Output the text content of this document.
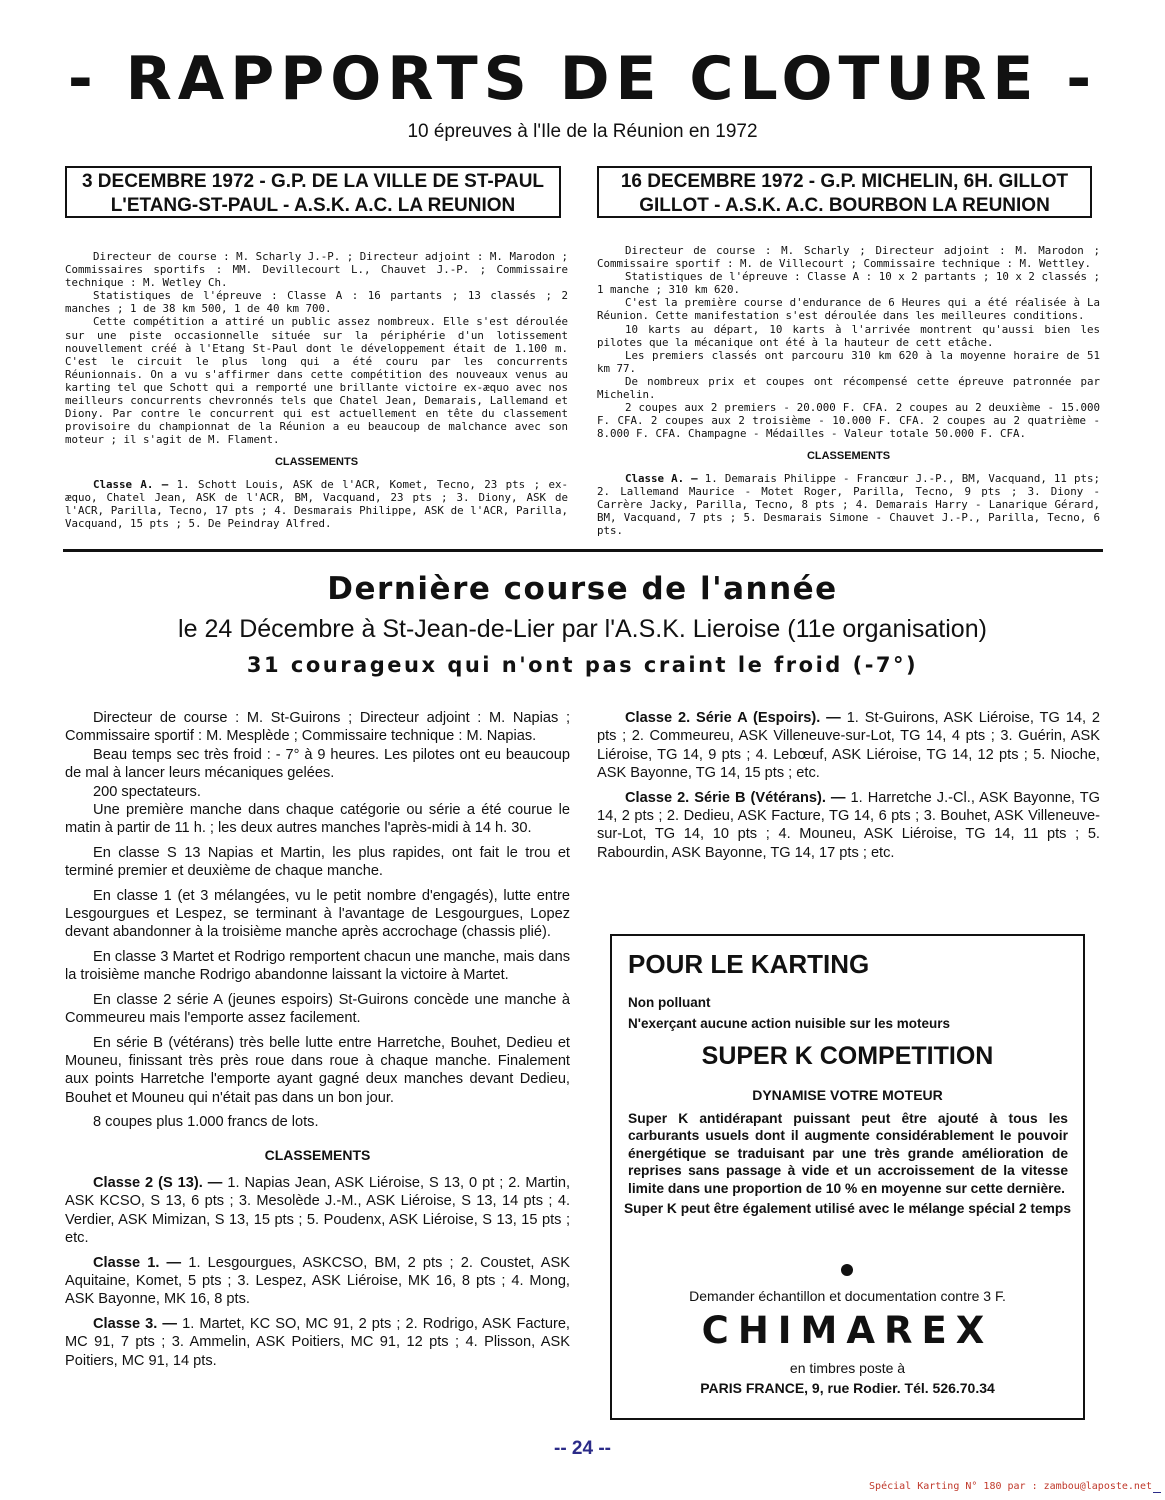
- RAPPORTS DE CLOTURE -
10 épreuves à l'Ile de la Réunion en 1972
3 DECEMBRE 1972 - G.P. DE LA VILLE DE ST-PAUL
L'ETANG-ST-PAUL - A.S.K. A.C. LA REUNION

Directeur de course : M. Scharly J.-P. ; Directeur adjoint : M. Marodon ; Commissaires sportifs : MM. Devillecourt L., Chauvet J.-P. ; Commissaire technique : M. Wetley Ch.

Statistiques de l'épreuve : Classe A : 16 partants ; 13 classés ; 2 manches ; 1 de 38 km 500, 1 de 40 km 700.

Cette compétition a attiré un public assez nombreux. Elle s'est déroulée sur une piste occasionnelle située sur la périphérie d'un lotissement nouvellement créé à l'Etang St-Paul dont le développement était de 1.100 m. C'est le circuit le plus long qui a été couru par les concurrents Réunionnais. On a vu s'affirmer dans cette compétition des nouveaux venus au karting tel que Schott qui a remporté une brillante victoire ex-æquo avec nos meilleurs concurrents chevronnés tels que Chatel Jean, Demarais, Lallemand et Diony. Par contre le concurrent qui est actuellement en tête du classement provisoire du championnat de la Réunion a eu beaucoup de malchance avec son moteur ; il s'agit de M. Flament.

CLASSEMENTS

Classe A. — 1. Schott Louis, ASK de l'ACR, Komet, Tecno, 23 pts ; ex-æquo, Chatel Jean, ASK de l'ACR, BM, Vacquand, 23 pts ; 3. Diony, ASK de l'ACR, Parilla, Tecno, 17 pts ; 4. Desmarais Philippe, ASK de l'ACR, Parilla, Vacquand, 15 pts ; 5. De Peindray Alfred.

16 DECEMBRE 1972 - G.P. MICHELIN, 6H. GILLOT
GILLOT - A.S.K. A.C. BOURBON LA REUNION

Directeur de course : M. Scharly ; Directeur adjoint : M. Marodon ; Commissaire sportif : M. de Villecourt ; Commissaire technique : M. Wettley.

Statistiques de l'épreuve : Classe A : 10 x 2 partants ; 10 x 2 classés ; 1 manche ; 310 km 620.

C'est la première course d'endurance de 6 Heures qui a été réalisée à La Réunion. Cette manifestation s'est déroulée dans les meilleures conditions.

10 karts au départ, 10 karts à l'arrivée montrent qu'aussi bien les pilotes que la mécanique ont été à la hauteur de cett etâche.

Les premiers classés ont parcouru 310 km 620 à la moyenne horaire de 51 km 77.

De nombreux prix et coupes ont récompensé cette épreuve patronnée par Michelin.

2 coupes aux 2 premiers - 20.000 F. CFA. 2 coupes au 2 deuxième - 15.000 F. CFA. 2 coupes aux 2 troisième - 10.000 F. CFA. 2 coupes au 2 quatrième - 8.000 F. CFA. Champagne - Médailles - Valeur totale 50.000 F. CFA.

CLASSEMENTS

Classe A. — 1. Demarais Philippe - Francœur J.-P., BM, Vacquand, 11 pts; 2. Lallemand Maurice - Motet Roger, Parilla, Tecno, 9 pts ; 3. Diony - Carrère Jacky, Parilla, Tecno, 8 pts ; 4. Demarais Harry - Lanarique Gérard, BM, Vacquand, 7 pts ; 5. Desmarais Simone - Chauvet J.-P., Parilla, Tecno, 6 pts.

Dernière course de l'année
le 24 Décembre à St-Jean-de-Lier par l'A.S.K. Lieroise (11e organisation)
31 courageux qui n'ont pas craint le froid (-7°)

Directeur de course : M. St-Guirons ; Directeur adjoint : M. Napias ; Commissaire sportif : M. Mesplède ; Commissaire technique : M. Napias.

Beau temps sec très froid : - 7° à 9 heures. Les pilotes ont eu beaucoup de mal à lancer leurs mécaniques gelées.

200 spectateurs.

Une première manche dans chaque catégorie ou série a été courue le matin à partir de 11 h. ; les deux autres manches l'après-midi à 14 h. 30.

En classe S 13 Napias et Martin, les plus rapides, ont fait le trou et terminé premier et deuxième de chaque manche.

En classe 1 (et 3 mélangées, vu le petit nombre d'engagés), lutte entre Lesgourgues et Lespez, se terminant à l'avantage de Lesgourgues, Lopez devant abandonner à la troisième manche après accrochage (chassis plié).

En classe 3 Martet et Rodrigo remportent chacun une manche, mais dans la troisième manche Rodrigo abandonne laissant la victoire à Martet.

En classe 2 série A (jeunes espoirs) St-Guirons concède une manche à Commeureu mais l'emporte assez facilement.

En série B (vétérans) très belle lutte entre Harretche, Bouhet, Dedieu et Mouneu, finissant très près roue dans roue à chaque manche. Finalement aux points Harretche l'emporte ayant gagné deux manches devant Dedieu, Bouhet et Mouneu qui n'était pas dans un bon jour.

8 coupes plus 1.000 francs de lots.

CLASSEMENTS

Classe 2 (S 13). — 1. Napias Jean, ASK Liéroise, S 13, 0 pt ; 2. Martin, ASK KCSO, S 13, 6 pts ; 3. Mesolède J.-M., ASK Liéroise, S 13, 14 pts ; 4. Verdier, ASK Mimizan, S 13, 15 pts ; 5. Poudenx, ASK Liéroise, S 13, 15 pts ; etc.

Classe 1. — 1. Lesgourgues, ASKCSO, BM, 2 pts ; 2. Coustet, ASK Aquitaine, Komet, 5 pts ; 3. Lespez, ASK Liéroise, MK 16, 8 pts ; 4. Mong, ASK Bayonne, MK 16, 8 pts.

Classe 3. — 1. Martet, KC SO, MC 91, 2 pts ; 2. Rodrigo, ASK Facture, MC 91, 7 pts ; 3. Ammelin, ASK Poitiers, MC 91, 12 pts ; 4. Plisson, ASK Poitiers, MC 91, 14 pts.

Classe 2. Série A (Espoirs). — 1. St-Guirons, ASK Liéroise, TG 14, 2 pts ; 2. Commeureu, ASK Villeneuve-sur-Lot, TG 14, 4 pts ; 3. Guérin, ASK Liéroise, TG 14, 9 pts ; 4. Lebœuf, ASK Liéroise, TG 14, 12 pts ; 5. Nioche, ASK Bayonne, TG 14, 15 pts ; etc.

Classe 2. Série B (Vétérans). — 1. Harretche J.-Cl., ASK Bayonne, TG 14, 2 pts ; 2. Dedieu, ASK Facture, TG 14, 6 pts ; 3. Bouhet, ASK Villeneuve-sur-Lot, TG 14, 10 pts ; 4. Mouneu, ASK Liéroise, TG 14, 11 pts ; 5. Rabourdin, ASK Bayonne, TG 14, 17 pts ; etc.

POUR LE KARTING
Non polluant
N'exerçant aucune action nuisible sur les moteurs
SUPER K COMPETITION
DYNAMISE VOTRE MOTEUR
Super K antidérapant puissant peut être ajouté à tous les carburants usuels dont il augmente considérablement le pouvoir énergétique se traduisant par une très grande amélioration de reprises sans passage à vide et un accroissement de la vitesse limite dans une proportion de 10 % en moyenne sur cette dernière.
Super K peut être également utilisé avec le mélange spécial 2 temps
Demander échantillon et documentation contre 3 F.
CHIMAREX
en timbres poste à
PARIS FRANCE, 9, rue Rodier. Tél. 526.70.34
-- 24 --
Spécial Karting N° 180 par : zambou@laposte.net
